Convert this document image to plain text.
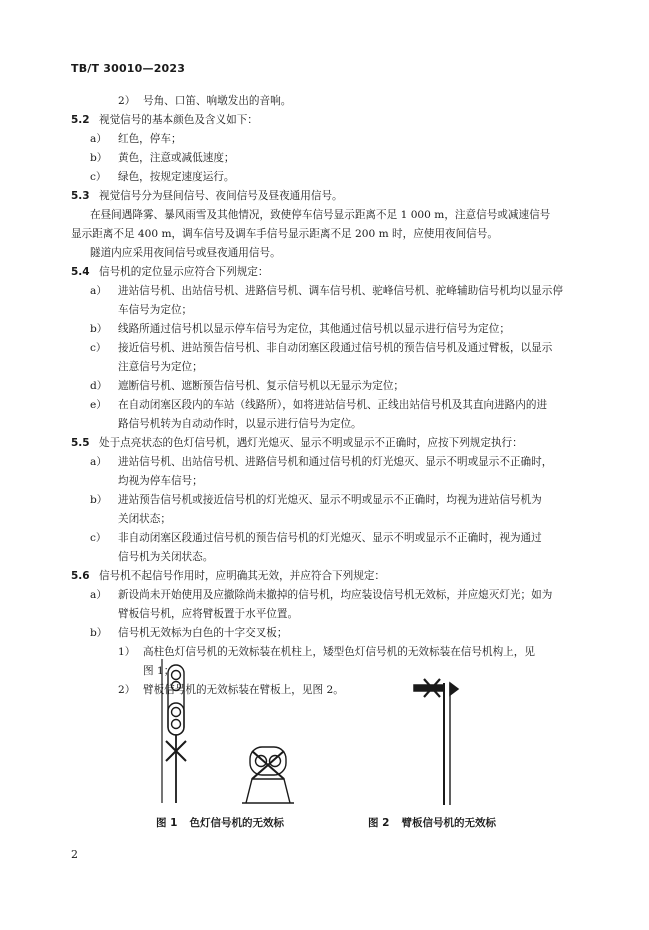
TB/T 30010—2023
2） 号角、口笛、响墩发出的音响。
5.2 视觉信号的基本颜色及含义如下：
a） 红色，停车；
b） 黄色，注意或减低速度；
c） 绿色，按规定速度运行。
5.3 视觉信号分为昼间信号、夜间信号及昼夜通用信号。
在昼间遇降雾、暴风雨雪及其他情况，致使停车信号显示距离不足 1 000 m，注意信号或减速信号
显示距离不足 400 m，调车信号及调车手信号显示距离不足 200 m 时，应使用夜间信号。
隧道内应采用夜间信号或昼夜通用信号。
5.4 信号机的定位显示应符合下列规定：
a） 进站信号机、出站信号机、进路信号机、调车信号机、驼峰信号机、驼峰辅助信号机均以显示停
车信号为定位；
b） 线路所通过信号机以显示停车信号为定位，其他通过信号机以显示进行信号为定位；
c） 接近信号机、进站预告信号机、非自动闭塞区段通过信号机的预告信号机及通过臂板，以显示
注意信号为定位；
d） 遮断信号机、遮断预告信号机、复示信号机以无显示为定位；
e） 在自动闭塞区段内的车站（线路所），如将进站信号机、正线出站信号机及其直向进路内的进
路信号机转为自动动作时，以显示进行信号为定位。
5.5 处于点亮状态的色灯信号机，遇灯光熄灭、显示不明或显示不正确时，应按下列规定执行：
a） 进站信号机、出站信号机、进路信号机和通过信号机的灯光熄灭、显示不明或显示不正确时，
均视为停车信号；
b） 进站预告信号机或接近信号机的灯光熄灭、显示不明或显示不正确时，均视为进站信号机为
关闭状态；
c） 非自动闭塞区段通过信号机的预告信号机的灯光熄灭、显示不明或显示不正确时，视为通过
信号机为关闭状态。
5.6 信号机不起信号作用时，应明确其无效，并应符合下列规定：
a） 新设尚未开始使用及应撤除尚未撤掉的信号机，均应装设信号机无效标，并应熄灭灯光；如为
臂板信号机，应将臂板置于水平位置。
b） 信号机无效标为白色的十字交叉板；
1） 高柱色灯信号机的无效标装在机柱上，矮型色灯信号机的无效标装在信号机构上，见
图 1；
2） 臂板信号机的无效标装在臂板上，见图 2。
图 1 色灯信号机的无效标	图 2 臂板信号机的无效标
2
